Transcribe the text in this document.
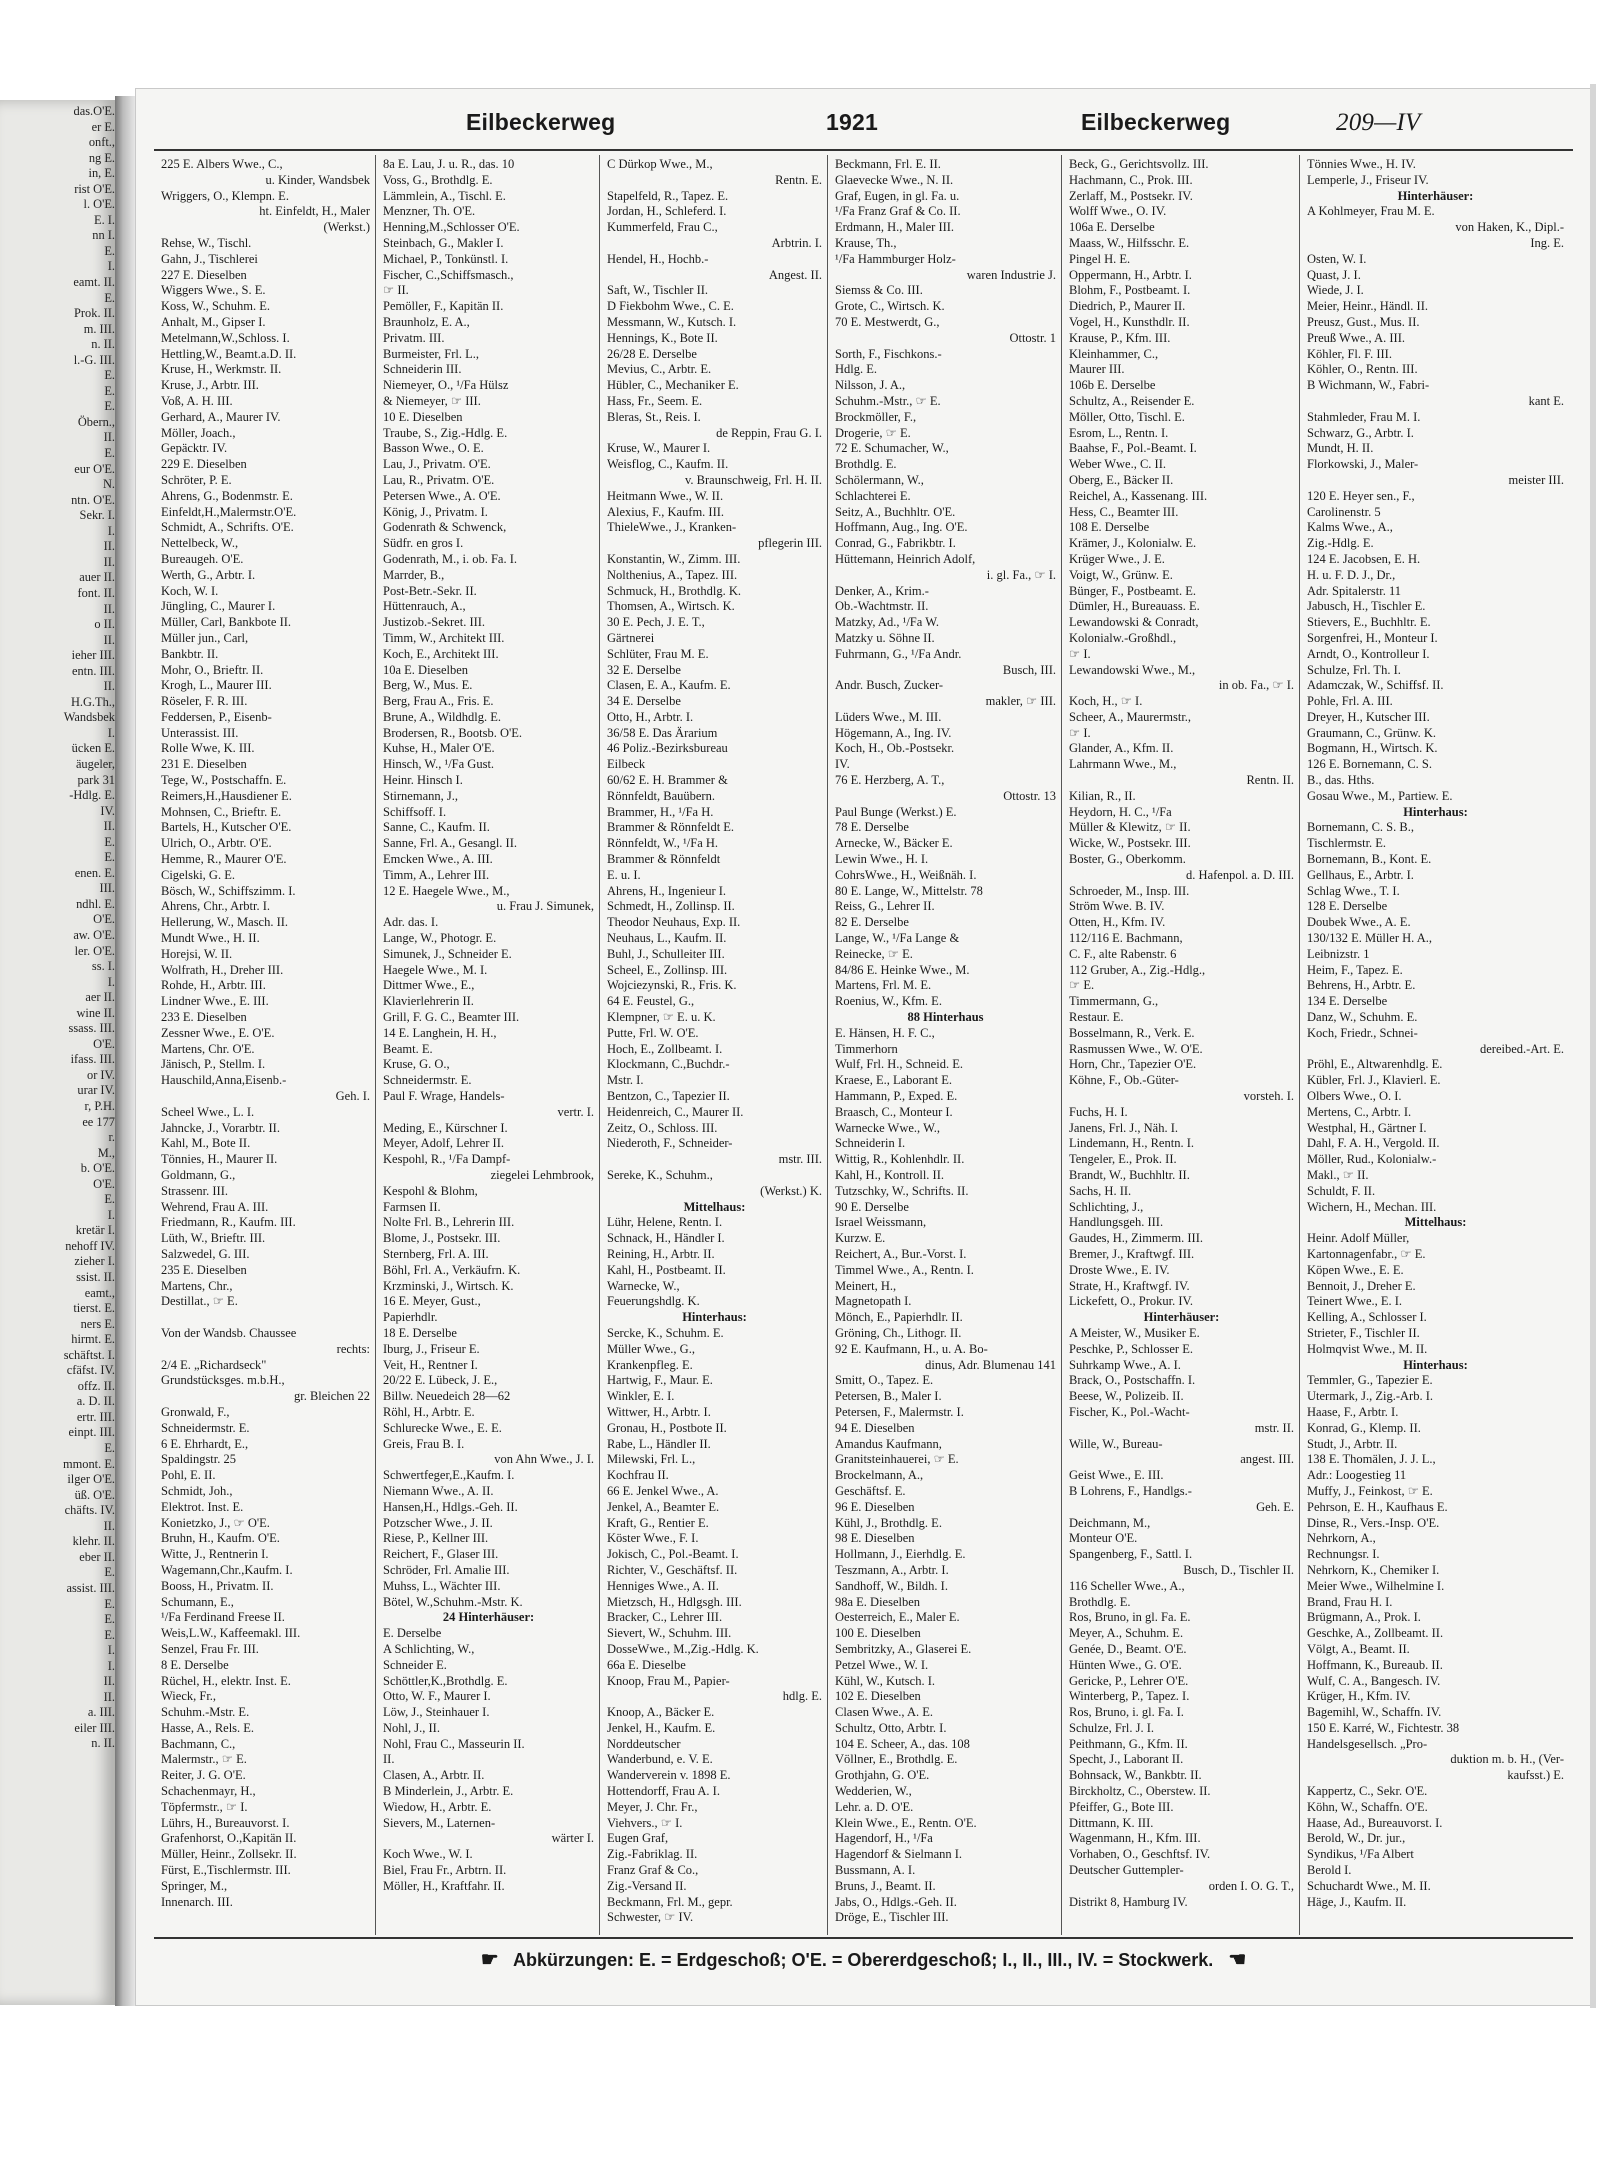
das.O'E.
er E.
onft.,
ng E.
in, E.
rist O'E.
l. O'E.
E. I.
nn I.
E.
I.
eamt. II.
E.
Prok. II.
m. III.
n. II.
l.-G. III.
E.
E.
E.
Öbern.,
II.
E.
eur O'E.
N.
ntn. O'E.
Sekr. I.
I.
II.
II.
auer II.
font. II.
II.
o II.
II.
ieher III.
entn. III.
II.
H.G.Th.,
Wandsbek
I.
ücken E.
äugeler,
park 31
-Hdlg. E.
IV.
II.
E.
E.
enen. E.
III.
ndhl. E.
O'E.
aw. O'E.
ler. O'E.
ss. I.
I.
aer II.
wine II.
ssass. III.
O'E.
ifass. III.
or IV.
urar IV.
r, P.H.
ee 177
r.
M.,
b. O'E.
O'E.
E.
I.
kretär I.
nehoff IV.
zieher I.
ssist. II.
eamt.,
tierst. E.
ners E.
hirmt. E.
schäftst. I.
cfäfst. IV.
offz. II.
a. D. II.
ertr. III.
einpt. III.
E.
mmont. E.
ilger O'E.
üß. O'E.
chäfts. IV.
II.
klehr. II.
eber II.
E.
assist. III.
E.
E.
E.
I.
I.
II.
II.
a. III.
eiler III.
n. II.
Eilbeckerweg	1921	Eilbeckerweg	209—IV
225 E. Albers Wwe., C.,
u. Kinder, Wandsbek
Wriggers, O., Klempn. E.
ht. Einfeldt, H., Maler
(Werkst.)
Rehse, W., Tischl.
Gahn, J., Tischlerei
227 E. Dieselben
Wiggers Wwe., S. E.
Koss, W., Schuhm. E.
Anhalt, M., Gipser I.
Metelmann,W.,Schloss. I.
Hettling,W., Beamt.a.D. II.
Kruse, H., Werkmstr. II.
Kruse, J., Arbtr. III.
Voß, A. H. III.
Gerhard, A., Maurer IV.
Möller, Joach.,
Gepäcktr. IV.
229 E. Dieselben
Schröter, P. E.
Ahrens, G., Bodenmstr. E.
Einfeldt,H.,Malermstr.O'E.
Schmidt, A., Schrifts. O'E.
Nettelbeck, W.,
Bureaugeh. O'E.
Werth, G., Arbtr. I.
Koch, W. I.
Jüngling, C., Maurer I.
Müller, Carl, Bankbote II.
Müller jun., Carl,
Bankbtr. II.
Mohr, O., Brieftr. II.
Krogh, L., Maurer III.
Röseler, F. R. III.
Feddersen, P., Eisenb-
Unterassist. III.
Rolle Wwe, K. III.
231 E. Dieselben
Tege, W., Postschaffn. E.
Reimers,H.,Hausdiener E.
Mohnsen, C., Brieftr. E.
Bartels, H., Kutscher O'E.
Ulrich, O., Arbtr. O'E.
Hemme, R., Maurer O'E.
Cigelski, G. E.
Bösch, W., Schiffszimm. I.
Ahrens, Chr., Arbtr. I.
Hellerung, W., Masch. II.
Mundt Wwe., H. II.
Horejsi, W. II.
Wolfrath, H., Dreher III.
Rohde, H., Arbtr. III.
Lindner Wwe., E. III.
233 E. Dieselben
Zessner Wwe., E. O'E.
Martens, Chr. O'E.
Jänisch, P., Stellm. I.
Hauschild,Anna,Eisenb.-
Geh. I.
Scheel Wwe., L. I.
Jahncke, J., Vorarbtr. II.
Kahl, M., Bote II.
Tönnies, H., Maurer II.
Goldmann, G.,
Strassenr. III.
Wehrend, Frau A. III.
Friedmann, R., Kaufm. III.
Lüth, W., Brieftr. III.
Salzwedel, G. III.
235 E. Dieselben
Martens, Chr.,
Destillat., ☞ E.

Von der Wandsb. Chaussee
rechts:
2/4 E. „Richardseck"
Grundstücksges. m.b.H.,
gr. Bleichen 22
Gronwald, F.,
Schneidermstr. E.
6 E. Ehrhardt, E.,
Spaldingstr. 25
Pohl, E. II.
Schmidt, Joh.,
Elektrot. Inst. E.
Konietzko, J., ☞ O'E.
Bruhn, H., Kaufm. O'E.
Witte, J., Rentnerin I.
Wagemann,Chr.,Kaufm. I.
Booss, H., Privatm. II.
Schumann, E.,
¹/Fa Ferdinand Freese II.
Weis,L.W., Kaffeemakl. III.
Senzel, Frau Fr. III.
8 E. Derselbe
Rüchel, H., elektr. Inst. E.
Wieck, Fr.,
Schuhm.-Mstr. E.
Hasse, A., Rels. E.
Bachmann, C.,
Malermstr., ☞ E.
Reiter, J. G. O'E.
Schachenmayr, H.,
Töpfermstr., ☞ I.
Lührs, H., Bureauvorst. I.
Grafenhorst, O.,Kapitän II.
Müller, Heinr., Zollsekr. II.
Fürst, E.,Tischlermstr. III.
Springer, M.,
Innenarch. III.
8a E. Lau, J. u. R., das. 10
Voss, G., Brothdlg. E.
Lämmlein, A., Tischl. E.
Menzner, Th. O'E.
Henning,M.,Schlosser O'E.
Steinbach, G., Makler I.
Michael, P., Tonkünstl. I.
Fischer, C.,Schiffsmasch.,
☞ II.
Pemöller, F., Kapitän II.
Braunholz, E. A.,
Privatm. III.
Burmeister, Frl. L.,
Schneiderin III.
Niemeyer, O., ¹/Fa Hülsz
& Niemeyer, ☞ III.
10 E. Dieselben
Traube, S., Zig.-Hdlg. E.
Basson Wwe., O. E.
Lau, J., Privatm. O'E.
Lau, R., Privatm. O'E.
Petersen Wwe., A. O'E.
König, J., Privatm. I.
Godenrath & Schwenck,
Südfr. en gros I.
Godenrath, M., i. ob. Fa. I.
Marrder, B.,
Post-Betr.-Sekr. II.
Hüttenrauch, A.,
Justizob.-Sekret. III.
Timm, W., Architekt III.
Koch, E., Architekt III.
10a E. Dieselben
Berg, W., Mus. E.
Berg, Frau A., Fris. E.
Brune, A., Wildhdlg. E.
Brodersen, R., Bootsb. O'E.
Kuhse, H., Maler O'E.
Hinsch, W., ¹/Fa Gust.
Heinr. Hinsch I.
Stirnemann, J.,
Schiffsoff. I.
Sanne, C., Kaufm. II.
Sanne, Frl. A., Gesangl. II.
Emcken Wwe., A. III.
Timm, A., Lehrer III.
12 E. Haegele Wwe., M.,
u. Frau J. Simunek,
Adr. das. I.
Lange, W., Photogr. E.
Simunek, J., Schneider E.
Haegele Wwe., M. I.
Dittmer Wwe., E.,
Klavierlehrerin II.
Grill, F. G. C., Beamter III.
14 E. Langhein, H. H.,
Beamt. E.
Kruse, G. O.,
Schneidermstr. E.
Paul F. Wrage, Handels-
vertr. I.
Meding, E., Kürschner I.
Meyer, Adolf, Lehrer II.
Kespohl, R., ¹/Fa Dampf-
ziegelei Lehmbrook,
Kespohl & Blohm,
Farmsen II.
Nolte Frl. B., Lehrerin III.
Blome, J., Postsekr. III.
Sternberg, Frl. A. III.
Böhl, Frl. A., Verkäufrn. K.
Krzminski, J., Wirtsch. K.
16 E. Meyer, Gust.,
Papierhdlr.
18 E. Derselbe
Iburg, J., Friseur E.
Veit, H., Rentner I.
20/22 E. Lübeck, J. E.,
Billw. Neuedeich 28—62
Röhl, H., Arbtr. E.
Schlurecke Wwe., E. E.
Greis, Frau B. I.
von Ahn Wwe., J. I.
Schwertfeger,E.,Kaufm. I.
Niemann Wwe., A. II.
Hansen,H., Hdlgs.-Geh. II.
Potzscher Wwe., J. II.
Riese, P., Kellner III.
Reichert, F., Glaser III.
Schröder, Frl. Amalie III.
Muhss, L., Wächter III.
Bötel, W.,Schuhm.-Mstr. K.
24 Hinterhäuser:
E. Derselbe
A Schlichting, W.,
Schneider E.
Schöttler,K.,Brothdlg. E.
Otto, W. F., Maurer I.
Löw, J., Steinhauer I.
Nohl, J., II.
Nohl, Frau C., Masseurin II.
II.
Clasen, A., Arbtr. II.
B Minderlein, J., Arbtr. E.
Wiedow, H., Arbtr. E.
Sievers, M., Laternen-
wärter I.
Koch Wwe., W. I.
Biel, Frau Fr., Arbtrn. II.
Möller, H., Kraftfahr. II.
C Dürkop Wwe., M.,
Rentn. E.
Stapelfeld, R., Tapez. E.
Jordan, H., Schleferd. I.
Kummerfeld, Frau C.,
Arbtrin. I.
Hendel, H., Hochb.-
Angest. II.
Saft, W., Tischler II.
D Fiekbohm Wwe., C. E.
Messmann, W., Kutsch. I.
Hennings, K., Bote II.
26/28 E. Derselbe
Mevius, C., Arbtr. E.
Hübler, C., Mechaniker E.
Hass, Fr., Seem. E.
Bleras, St., Reis. I.
de Reppin, Frau G. I.
Kruse, W., Maurer I.
Weisflog, C., Kaufm. II.
v. Braunschweig, Frl. H. II.
Heitmann Wwe., W. II.
Alexius, F., Kaufm. III.
ThieleWwe., J., Kranken-
pflegerin III.
Konstantin, W., Zimm. III.
Nolthenius, A., Tapez. III.
Schmuck, H., Brothdlg. K.
Thomsen, A., Wirtsch. K.
30 E. Pech, J. E. T.,
Gärtnerei
Schlüter, Frau M. E.
32 E. Derselbe
Clasen, E. A., Kaufm. E.
34 E. Derselbe
Otto, H., Arbtr. I.
36/58 E. Das Ärarium
46 Poliz.-Bezirksbureau
Eilbeck
60/62 E. H. Brammer &
Rönnfeldt, Bauübern.
Brammer, H., ¹/Fa H.
Brammer & Rönnfeldt E.
Rönnfeldt, W., ¹/Fa H.
Brammer & Rönnfeldt
E. u. I.
Ahrens, H., Ingenieur I.
Schmedt, H., Zollinsp. II.
Theodor Neuhaus, Exp. II.
Neuhaus, L., Kaufm. II.
Buhl, J., Schulleiter III.
Scheel, E., Zollinsp. III.
Wojciezynski, R., Fris. K.
64 E. Feustel, G.,
Klempner, ☞ E. u. K.
Putte, Frl. W. O'E.
Hoch, E., Zollbeamt. I.
Klockmann, C.,Buchdr.-
Mstr. I.
Bentzon, C., Tapezier II.
Heidenreich, C., Maurer II.
Zeitz, O., Schloss. III.
Niederoth, F., Schneider-
mstr. III.
Sereke, K., Schuhm.,
(Werkst.) K.
Mittelhaus:
Lühr, Helene, Rentn. I.
Schnack, H., Händler I.
Reining, H., Arbtr. II.
Kahl, H., Postbeamt. II.
Warnecke, W.,
Feuerungshdlg. K.
Hinterhaus:
Sercke, K., Schuhm. E.
Müller Wwe., G.,
Krankenpfleg. E.
Hartwig, F., Maur. E.
Winkler, E. I.
Wittwer, H., Arbtr. I.
Gronau, H., Postbote II.
Rabe, L., Händler II.
Milewski, Frl. L.,
Kochfrau II.
66 E. Jenkel Wwe., A.
Jenkel, A., Beamter E.
Kraft, G., Rentier E.
Köster Wwe., F. I.
Jokisch, C., Pol.-Beamt. I.
Richter, V., Geschäftsf. II.
Henniges Wwe., A. II.
Mietzsch, H., Hdlgsgh. III.
Bracker, C., Lehrer III.
Sievert, W., Schuhm. III.
DosseWwe., M.,Zig.-Hdlg. K.
66a E. Dieselbe
Knoop, Frau M., Papier-
hdlg. E.
Knoop, A., Bäcker E.
Jenkel, H., Kaufm. E.
Norddeutscher
Wanderbund, e. V. E.
Wanderverein v. 1898 E.
Hottendorff, Frau A. I.
Meyer, J. Chr. Fr.,
Viehvers., ☞ I.
Eugen Graf,
Zig.-Fabriklag. II.
Franz Graf & Co.,
Zig.-Versand II.
Beckmann, Frl. M., gepr.
Schwester, ☞ IV.
Beckmann, Frl. E. II.
Glaevecke Wwe., N. II.
Graf, Eugen, in gl. Fa. u.
¹/Fa Franz Graf & Co. II.
Erdmann, H., Maler III.
Krause, Th.,
¹/Fa Hammburger Holz-
waren Industrie J.
Siemss & Co. III.
Grote, C., Wirtsch. K.
70 E. Mestwerdt, G.,
Ottostr. 1
Sorth, F., Fischkons.-
Hdlg. E.
Nilsson, J. A.,
Schuhm.-Mstr., ☞ E.
Brockmöller, F.,
Drogerie, ☞ E.
72 E. Schumacher, W.,
Brothdlg. E.
Schölermann, W.,
Schlachterei E.
Seitz, A., Buchhltr. O'E.
Hoffmann, Aug., Ing. O'E.
Conrad, G., Fabrikbtr. I.
Hüttemann, Heinrich Adolf,
i. gl. Fa., ☞ I.
Denker, A., Krim.-
Ob.-Wachtmstr. II.
Matzky, Ad., ¹/Fa W.
Matzky u. Söhne II.
Fuhrmann, G., ¹/Fa Andr.
Busch, III.
Andr. Busch, Zucker-
makler, ☞ III.
Lüders Wwe., M. III.
Högemann, A., Ing. IV.
Koch, H., Ob.-Postsekr.
IV.
76 E. Herzberg, A. T.,
Ottostr. 13
Paul Bunge (Werkst.) E.
78 E. Derselbe
Arnecke, W., Bäcker E.
Lewin Wwe., H. I.
CohrsWwe., H., Weißnäh. I.
80 E. Lange, W., Mittelstr. 78
Reiss, G., Lehrer II.
82 E. Derselbe
Lange, W., ¹/Fa Lange &
Reinecke, ☞ E.
84/86 E. Heinke Wwe., M.
Martens, Frl. M. E.
Roenius, W., Kfm. E.
88 Hinterhaus
E. Hänsen, H. F. C.,
Timmerhorn
Wulf, Frl. H., Schneid. E.
Kraese, E., Laborant E.
Hammann, P., Exped. E.
Braasch, C., Monteur I.
Warnecke Wwe., W.,
Schneiderin I.
Wittig, R., Kohlenhdlr. II.
Kahl, H., Kontroll. II.
Tutzschky, W., Schrifts. II.
90 E. Derselbe
Israel Weissmann,
Kurzw. E.
Reichert, A., Bur.-Vorst. I.
Timmel Wwe., A., Rentn. I.
Meinert, H.,
Magnetopath I.
Mönch, E., Papierhdlr. II.
Gröning, Ch., Lithogr. II.
92 E. Kaufmann, H., u. A. Bo-
dinus, Adr. Blumenau 141
Smitt, O., Tapez. E.
Petersen, B., Maler I.
Petersen, F., Malermstr. I.
94 E. Dieselben
Amandus Kaufmann,
Granitsteinhauerei, ☞ E.
Brockelmann, A.,
Geschäftsf. E.
96 E. Dieselben
Kühl, J., Brothdlg. E.
98 E. Dieselben
Hollmann, J., Eierhdlg. E.
Teszmann, A., Arbtr. I.
Sandhoff, W., Bildh. I.
98a E. Dieselben
Oesterreich, E., Maler E.
100 E. Dieselben
Sembritzky, A., Glaserei E.
Petzel Wwe., W. I.
Kühl, W., Kutsch. I.
102 E. Dieselben
Clasen Wwe., A. E.
Schultz, Otto, Arbtr. I.
104 E. Scheer, A., das. 108
Völlner, E., Brothdlg. E.
Grothjahn, G. O'E.
Wedderien, W.,
Lehr. a. D. O'E.
Klein Wwe., E., Rentn. O'E.
Hagendorf, H., ¹/Fa
Hagendorf & Sielmann I.
Bussmann, A. I.
Bruns, J., Beamt. II.
Jabs, O., Hdlgs.-Geh. II.
Dröge, E., Tischler III.
Beck, G., Gerichtsvollz. III.
Hachmann, C., Prok. III.
Zerlaff, M., Postsekr. IV.
Wolff Wwe., O. IV.
106a E. Derselbe
Maass, W., Hilfsschr. E.
Pingel H. E.
Oppermann, H., Arbtr. I.
Blohm, F., Postbeamt. I.
Diedrich, P., Maurer II.
Vogel, H., Kunsthdlr. II.
Krause, P., Kfm. III.
Kleinhammer, C.,
Maurer III.
106b E. Derselbe
Schultz, A., Reisender E.
Möller, Otto, Tischl. E.
Esrom, L., Rentn. I.
Baahse, F., Pol.-Beamt. I.
Weber Wwe., C. II.
Oberg, E., Bäcker II.
Reichel, A., Kassenang. III.
Hess, C., Beamter III.
108 E. Derselbe
Krämer, J., Kolonialw. E.
Krüger Wwe., J. E.
Voigt, W., Grünw. E.
Bünger, F., Postbeamt. E.
Dümler, H., Bureauass. E.
Lewandowski & Conradt,
Kolonialw.-Großhdl.,
☞ I.
Lewandowski Wwe., M.,
in ob. Fa., ☞ I.
Koch, H., ☞ I.
Scheer, A., Maurermstr.,
☞ I.
Glander, A., Kfm. II.
Lahrmann Wwe., M.,
Rentn. II.
Kilian, R., II.
Heydorn, H. C., ¹/Fa
Müller & Klewitz, ☞ II.
Wicke, W., Postsekr. III.
Boster, G., Oberkomm.
d. Hafenpol. a. D. III.
Schroeder, M., Insp. III.
Ström Wwe. B. IV.
Otten, H., Kfm. IV.
112/116 E. Bachmann,
C. F., alte Rabenstr. 6
112 Gruber, A., Zig.-Hdlg.,
☞ E.
Timmermann, G.,
Restaur. E.
Bosselmann, R., Verk. E.
Rasmussen Wwe., W. O'E.
Horn, Chr., Tapezier O'E.
Köhne, F., Ob.-Güter-
vorsteh. I.
Fuchs, H. I.
Janens, Frl. J., Näh. I.
Lindemann, H., Rentn. I.
Tengeler, E., Prok. II.
Brandt, W., Buchhltr. II.
Sachs, H. II.
Schlichting, J.,
Handlungsgeh. III.
Gaudes, H., Zimmerm. III.
Bremer, J., Kraftwgf. III.
Droste Wwe., E. IV.
Strate, H., Kraftwgf. IV.
Lickefett, O., Prokur. IV.
Hinterhäuser:
A Meister, W., Musiker E.
Peschke, P., Schlosser E.
Suhrkamp Wwe., A. I.
Brack, O., Postschaffn. I.
Beese, W., Polizeib. II.
Fischer, K., Pol.-Wacht-
mstr. II.
Wille, W., Bureau-
angest. III.
Geist Wwe., E. III.
B Lohrens, F., Handlgs.-
Geh. E.
Deichmann, M.,
Monteur O'E.
Spangenberg, F., Sattl. I.
Busch, D., Tischler II.
116 Scheller Wwe., A.,
Brothdlg. E.
Ros, Bruno, in gl. Fa. E.
Meyer, A., Schuhm. E.
Genée, D., Beamt. O'E.
Hünten Wwe., G. O'E.
Gericke, P., Lehrer O'E.
Winterberg, P., Tapez. I.
Ros, Bruno, i. gl. Fa. I.
Schulze, Frl. J. I.
Peithmann, G., Kfm. II.
Specht, J., Laborant II.
Bohnsack, W., Bankbtr. II.
Birckholtz, C., Oberstew. II.
Pfeiffer, G., Bote III.
Dittmann, K. III.
Wagenmann, H., Kfm. III.
Vorhaben, O., Geschftsf. IV.
Deutscher Guttempler-
orden I. O. G. T.,
Distrikt 8, Hamburg IV.
Tönnies Wwe., H. IV.
Lemperle, J., Friseur IV.
Hinterhäuser:
A Kohlmeyer, Frau M. E.
von Haken, K., Dipl.-
Ing. E.
Osten, W. I.
Quast, J. I.
Wiede, J. I.
Meier, Heinr., Händl. II.
Preusz, Gust., Mus. II.
Preuß Wwe., A. III.
Köhler, Fl. F. III.
Köhler, O., Rentn. III.
B Wichmann, W., Fabri-
kant E.
Stahmleder, Frau M. I.
Schwarz, G., Arbtr. I.
Mundt, H. II.
Florkowski, J., Maler-
meister III.
120 E. Heyer sen., F.,
Carolinenstr. 5
Kalms Wwe., A.,
Zig.-Hdlg. E.
124 E. Jacobsen, E. H.
H. u. F. D. J., Dr.,
Adr. Spitalerstr. 11
Jabusch, H., Tischler E.
Stievers, E., Buchhltr. E.
Sorgenfrei, H., Monteur I.
Arndt, O., Kontrolleur I.
Schulze, Frl. Th. I.
Adamczak, W., Schiffsf. II.
Pohle, Frl. A. III.
Dreyer, H., Kutscher III.
Graumann, C., Grünw. K.
Bogmann, H., Wirtsch. K.
126 E. Bornemann, C. S.
B., das. Hths.
Gosau Wwe., M., Partiew. E.
Hinterhaus:
Bornemann, C. S. B.,
Tischlermstr. E.
Bornemann, B., Kont. E.
Gellhaus, E., Arbtr. I.
Schlag Wwe., T. I.
128 E. Derselbe
Doubek Wwe., A. E.
130/132 E. Müller H. A.,
Leibnizstr. 1
Heim, F., Tapez. E.
Behrens, H., Arbtr. E.
134 E. Derselbe
Danz, W., Schuhm. E.
Koch, Friedr., Schnei-
dereibed.-Art. E.
Pröhl, E., Altwarenhdlg. E.
Kübler, Frl. J., Klavierl. E.
Olbers Wwe., O. I.
Mertens, C., Arbtr. I.
Westphal, H., Gärtner I.
Dahl, F. A. H., Vergold. II.
Möller, Rud., Kolonialw.-
Makl., ☞ II.
Schuldt, F. II.
Wichern, H., Mechan. III.
Mittelhaus:
Heinr. Adolf Müller,
Kartonnagenfabr., ☞ E.
Köpen Wwe., E. E.
Bennoit, J., Dreher E.
Teinert Wwe., E. I.
Kelling, A., Schlosser I.
Strieter, F., Tischler II.
Holmqvist Wwe., M. II.
Hinterhaus:
Temmler, G., Tapezier E.
Utermark, J., Zig.-Arb. I.
Haase, F., Arbtr. I.
Konrad, G., Klemp. II.
Studt, J., Arbtr. II.
138 E. Thomälen, J. J. L.,
Adr.: Loogestieg 11
Muffy, J., Feinkost, ☞ E.
Pehrson, E. H., Kaufhaus E.
Dinse, R., Vers.-Insp. O'E.
Nehrkorn, A.,
Rechnungsr. I.
Nehrkorn, K., Chemiker I.
Meier Wwe., Wilhelmine I.
Brand, Frau H. I.
Brügmann, A., Prok. I.
Geschke, A., Zollbeamt. II.
Völgt, A., Beamt. II.
Hoffmann, K., Bureaub. II.
Wulf, C. A., Bangesch. IV.
Krüger, H., Kfm. IV.
Bagemihl, W., Schaffn. IV.
150 E. Karré, W., Fichtestr. 38
Handelsgesellsch. „Pro-
duktion m. b. H., (Ver-
kaufsst.) E.
Kappertz, C., Sekr. O'E.
Köhn, W., Schaffn. O'E.
Haase, Ad., Bureauvorst. I.
Berold, W., Dr. jur.,
Syndikus, ¹/Fa Albert
Berold I.
Schuchardt Wwe., M. II.
Häge, J., Kaufm. II.
☛ Abkürzungen: E. = Erdgeschoß; O'E. = Obererdgeschoß; I., II., III., IV. = Stockwerk. ☚
